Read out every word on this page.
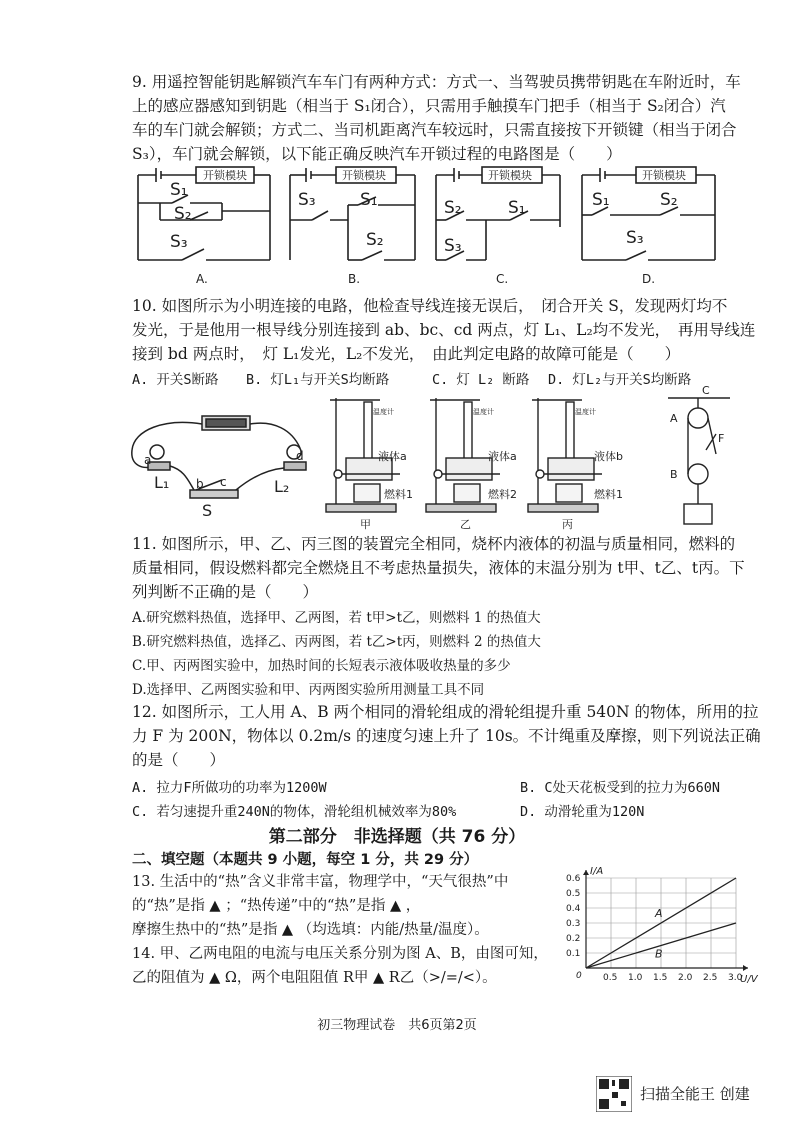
9. 用遥控智能钥匙解锁汽车车门有两种方式：方式一、当驾驶员携带钥匙在车附近时，车
上的感应器感知到钥匙（相当于 S₁闭合），只需用手触摸车门把手（相当于 S₂闭合）汽
车的车门就会解锁；方式二、当司机距离汽车较远时，只需直接按下开锁键（相当于闭合
S₃），车门就会解锁，以下能正确反映汽车开锁过程的电路图是（　　）
开锁模块	开锁模块	开锁模块	开锁模块
S₁
S₂
S₃
S₃	S₁
S₂
S₂	S₁
S₃
S₁	S₂
S₃
A.	B.	C.	D.
10. 如图所示为小明连接的电路，他检查导线连接无误后，　闭合开关 S，发现两灯均不
发光，于是他用一根导线分别连接到 ab、bc、cd 两点，灯 L₁、L₂均不发光，　再用导线连
接到 bd 两点时，　灯 L₁发光，L₂不发光，　由此判定电路的故障可能是（　　）
A. 开关S断路 B. 灯L₁与开关S均断路	C. 灯 L₂ 断路 D. 灯L₂与开关S均断路
a	d
b c
L₁	L₂
S
温度计	温度计	温度计
液体a	液体a	液体b
燃料1	燃料2	燃料1
甲	乙	丙
C
A
B
F
11. 如图所示，甲、乙、丙三图的装置完全相同，烧杯内液体的初温与质量相同，燃料的
质量相同，假设燃料都完全燃烧且不考虑热量损失，液体的末温分别为 t甲、t乙、t丙。下
列判断不正确的是（　　）
A.研究燃料热值，选择甲、乙两图，若 t甲>t乙，则燃料 1 的热值大
B.研究燃料热值，选择乙、丙两图，若 t乙>t丙，则燃料 2 的热值大
C.甲、丙两图实验中，加热时间的长短表示液体吸收热量的多少
D.选择甲、乙两图实验和甲、丙两图实验所用测量工具不同
12. 如图所示，工人用 A、B 两个相同的滑轮组成的滑轮组提升重 540N 的物体，所用的拉
力 F 为 200N，物体以 0.2m/s 的速度匀速上升了 10s。不计绳重及摩擦，则下列说法正确
的是（　　）
A. 拉力F所做功的功率为1200W	B. C处天花板受到的拉力为660N
C. 若匀速提升重240N的物体，滑轮组机械效率为80%	D. 动滑轮重为120N
第二部分　非选择题（共 76 分）
二、填空题（本题共 9 小题，每空 1 分，共 29 分）
13. 生活中的“热”含义非常丰富，物理学中，“天气很热”中
的“热”是指 ▲ ；“热传递”中的“热”是指 ▲ ，
摩擦生热中的“热”是指 ▲ （均选填：内能/热量/温度）。
14. 甲、乙两电阻的电流与电压关系分别为图 A、B，由图可知，
乙的阻值为 ▲ Ω，两个电阻阻值 R甲 ▲ R乙（>/=/<）。
A
B
0.5 1.0 1.5 2.0 2.5 3.0
0.1
0.2
0.3
0.4
0.5
0.6
0
I/A
U/V
初三物理试卷　共6页第2页
扫描全能王 创建
